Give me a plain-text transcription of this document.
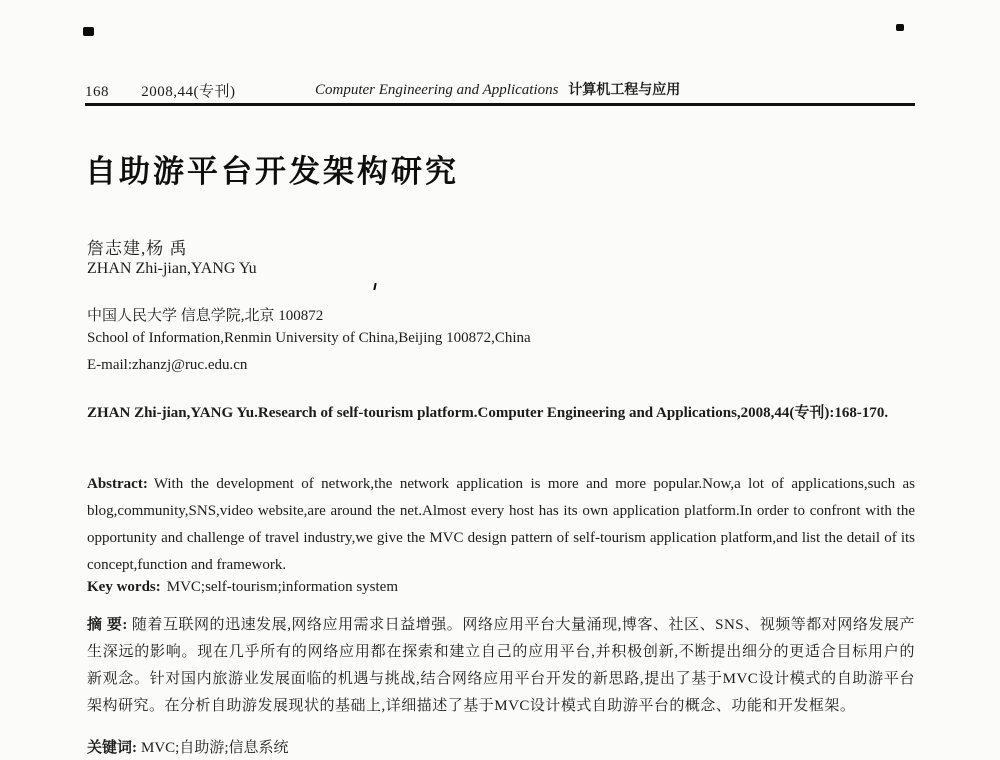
168 2008,44(专刊)	Computer Engineering and Applications 计算机工程与应用
自助游平台开发架构研究
詹志建,杨 禹
ZHAN Zhi-jian,YANG Yu
中国人民大学 信息学院,北京 100872
School of Information,Renmin University of China,Beijing 100872,China
E-mail:zhanzj@ruc.edu.cn
ZHAN Zhi-jian,YANG Yu.Research of self-tourism platform.Computer Engineering and Applications,2008,44(专刊):168-170.

Abstract: With the development of network,the network application is more and more popular.Now,a lot of applications,such as blog,community,SNS,video website,are around the net.Almost every host has its own application platform.In order to confront with the opportunity and challenge of travel industry,we give the MVC design pattern of self-tourism application platform,and list the detail of its concept,function and framework.

Key words: MVC;self-tourism;information system

摘 要: 随着互联网的迅速发展,网络应用需求日益增强。网络应用平台大量涌现,博客、社区、SNS、视频等都对网络发展产生深远的影响。现在几乎所有的网络应用都在探索和建立自己的应用平台,并积极创新,不断提出细分的更适合目标用户的新观念。针对国内旅游业发展面临的机遇与挑战,结合网络应用平台开发的新思路,提出了基于MVC设计模式的自助游平台架构研究。在分析自助游发展现状的基础上,详细描述了基于MVC设计模式自助游平台的概念、功能和开发框架。

关键词: MVC;自助游;信息系统
